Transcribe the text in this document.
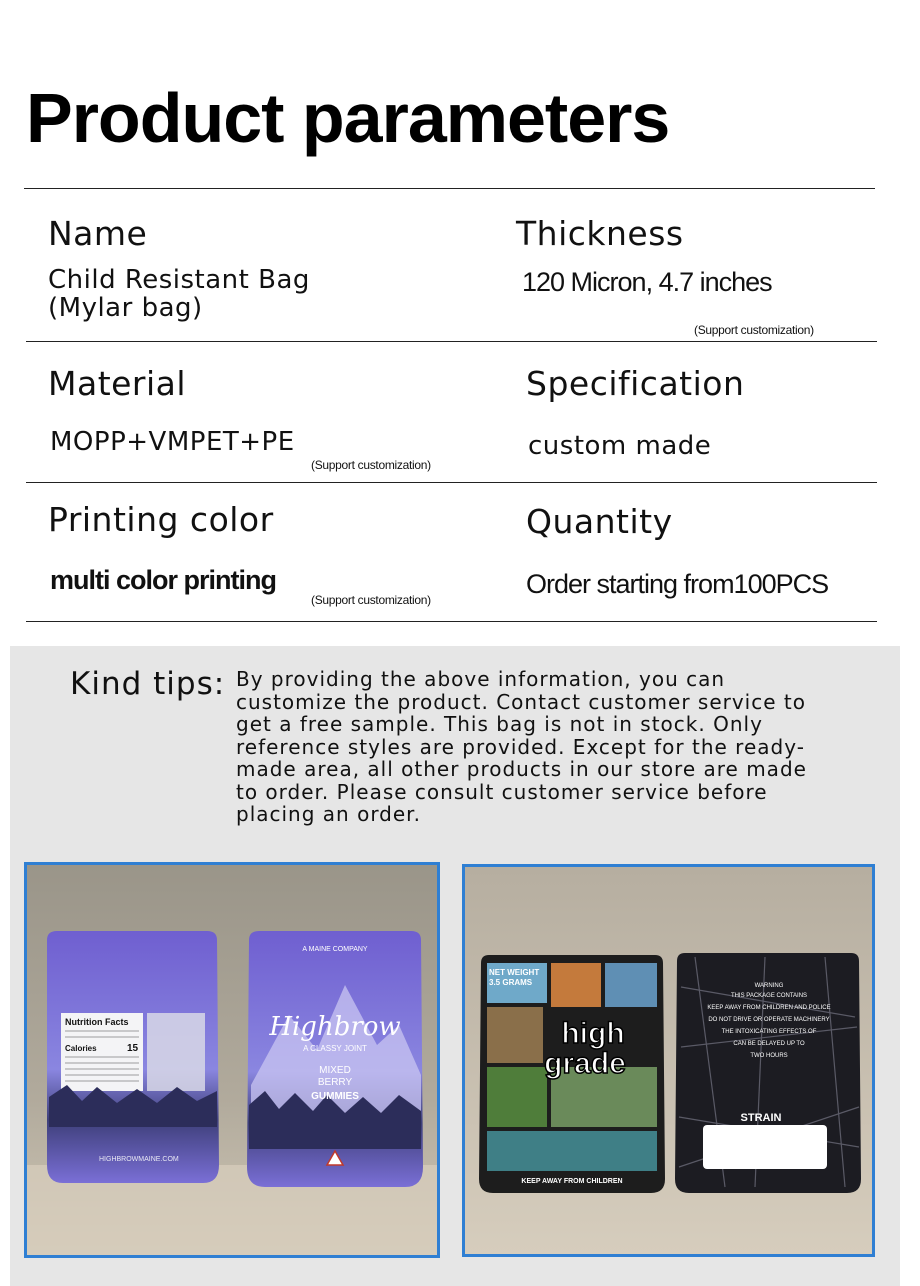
Product parameters
Name
Child Resistant Bag
(Mylar bag)
Thickness
120 Micron, 4.7 inches
(Support customization)
Material
MOPP+VMPET+PE
(Support customization)
Specification
custom made
Printing color
multi color printing
(Support customization)
Quantity
Order starting from100PCS
Kind tips: By providing the above information, you can customize the product. Contact customer service to get a free sample. This bag is not in stock. Only reference styles are provided. Except for the ready-made area, all other products in our store are made to order. Please consult customer service before placing an order.
Nutrition Facts
Calories	15
HIGHBROWMAINE.COM
A MAINE COMPANY
Highbrow
A CLASSY JOINT
MIXED
BERRY
GUMMIES
NET WEIGHT
3.5 GRAMS
high
grade
KEEP AWAY FROM CHILDREN
WARNING
THIS PACKAGE CONTAINS
KEEP AWAY FROM CHILDREN AND POLICE
DO NOT DRIVE OR OPERATE MACHINERY
THE INTOXICATING EFFECTS OF
CAN BE DELAYED UP TO
TWO HOURS
STRAIN
